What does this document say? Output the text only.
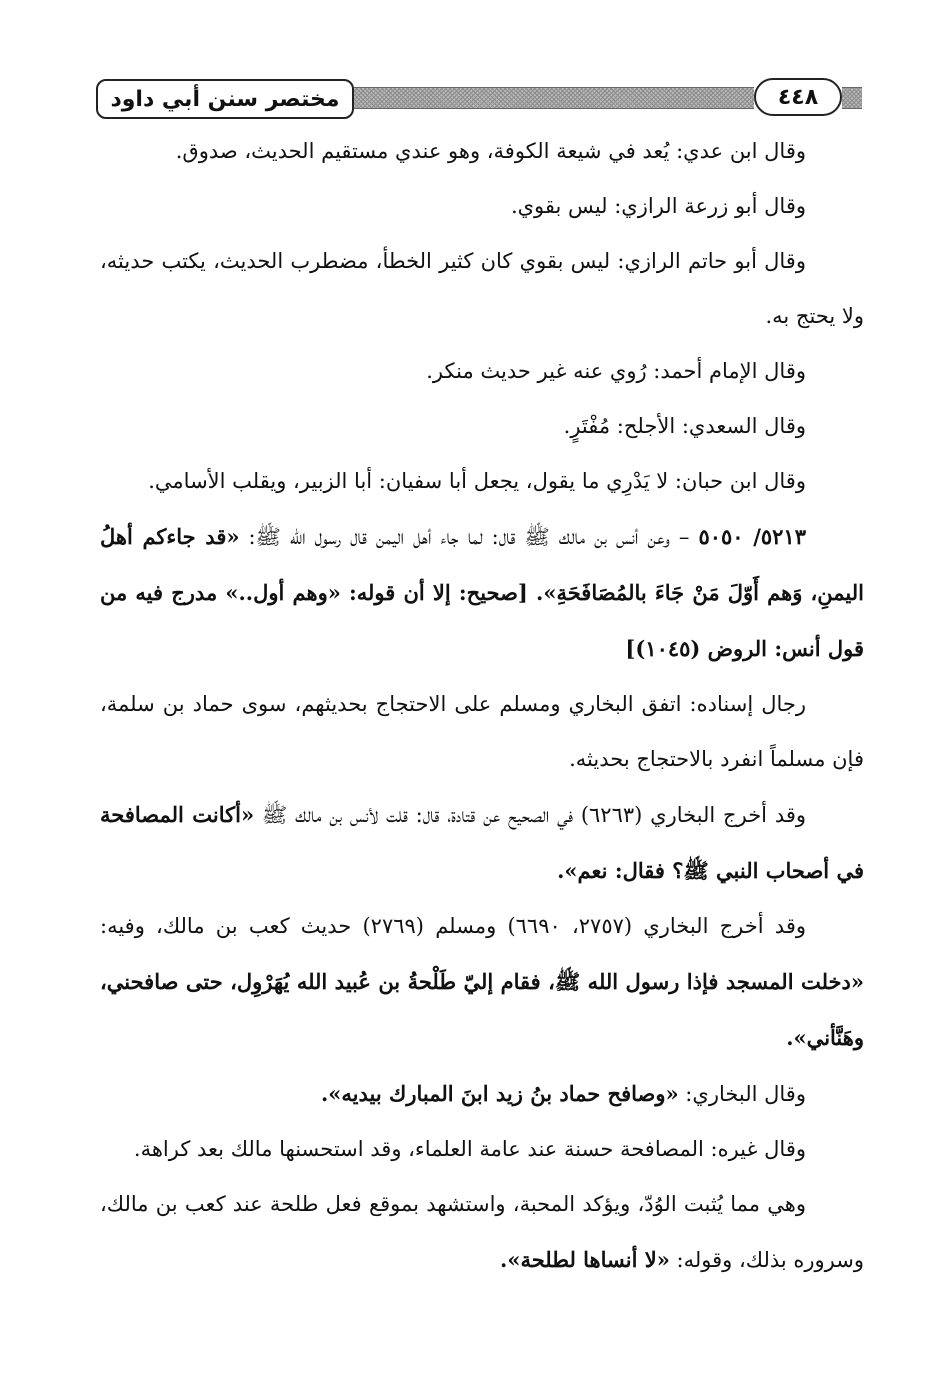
مختصر سنن أبي داود	٤٤٨

وقال ابن عدي: يُعد في شيعة الكوفة، وهو عندي مستقيم الحديث، صدوق.

وقال أبو زرعة الرازي: ليس بقوي.

وقال أبو حاتم الرازي: ليس بقوي كان كثير الخطأ، مضطرب الحديث، يكتب حديثه، ولا يحتج به.

وقال الإمام أحمد: رُوي عنه غير حديث منكر.

وقال السعدي: الأجلح: مُفْتَرٍ.

وقال ابن حبان: لا يَدْرِي ما يقول، يجعل أبا سفيان: أبا الزبير، ويقلب الأسامي.

٥٢١٣/ ٥٠٥٠ – وعن أنس بن مالك ﷺ قال: لما جاء أهل اليمن قال رسول الله ﷺ: «قد جاءكم أهلُ اليمنِ، وَهم أَوّلَ مَنْ جَاءَ بالمُصَافَحَةِ». [صحيح: إلا أن قوله: «وهم أول..» مدرج فيه من قول أنس: الروض (١٠٤٥)]

رجال إسناده: اتفق البخاري ومسلم على الاحتجاج بحديثهم، سوى حماد بن سلمة، فإن مسلماً انفرد بالاحتجاج بحديثه.

وقد أخرج البخاري (٦٢٦٣) في الصحيح عن قتادة، قال: قلت لأنس بن مالك ﷺ «أكانت المصافحة في أصحاب النبي ﷺ؟ فقال: نعم».

وقد أخرج البخاري (٢٧٥٧، ٦٦٩٠) ومسلم (٢٧٦٩) حديث كعب بن مالك، وفيه: «دخلت المسجد فإذا رسول الله ﷺ، فقام إليّ طَلْحةُ بن عُبيد الله يُهَرْوِل، حتى صافحني، وهَنَّأني».

وقال البخاري: «وصافح حماد بنُ زيد ابنَ المبارك بيديه».

وقال غيره: المصافحة حسنة عند عامة العلماء، وقد استحسنها مالك بعد كراهة.

وهي مما يُثبت الوُدّ، ويؤكد المحبة، واستشهد بموقع فعل طلحة عند كعب بن مالك، وسروره بذلك، وقوله: «لا أنساها لطلحة».
